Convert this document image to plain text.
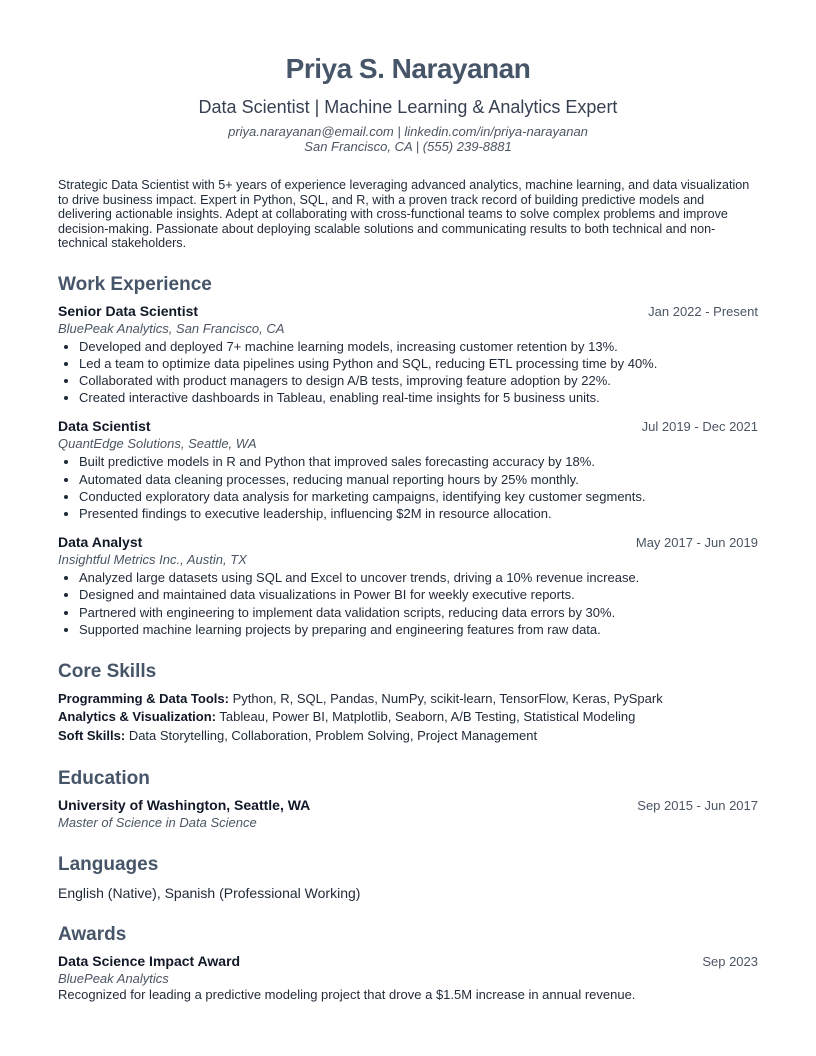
Priya S. Narayanan
Data Scientist | Machine Learning & Analytics Expert
priya.narayanan@email.com | linkedin.com/in/priya-narayanan
San Francisco, CA | (555) 239-8881
Strategic Data Scientist with 5+ years of experience leveraging advanced analytics, machine learning, and data visualization to drive business impact. Expert in Python, SQL, and R, with a proven track record of building predictive models and delivering actionable insights. Adept at collaborating with cross-functional teams to solve complex problems and improve decision-making. Passionate about deploying scalable solutions and communicating results to both technical and non-technical stakeholders.
Work Experience
Senior Data Scientist	Jan 2022 - Present
BluePeak Analytics, San Francisco, CA
• Developed and deployed 7+ machine learning models, increasing customer retention by 13%.
• Led a team to optimize data pipelines using Python and SQL, reducing ETL processing time by 40%.
• Collaborated with product managers to design A/B tests, improving feature adoption by 22%.
• Created interactive dashboards in Tableau, enabling real-time insights for 5 business units.
Data Scientist	Jul 2019 - Dec 2021
QuantEdge Solutions, Seattle, WA
• Built predictive models in R and Python that improved sales forecasting accuracy by 18%.
• Automated data cleaning processes, reducing manual reporting hours by 25% monthly.
• Conducted exploratory data analysis for marketing campaigns, identifying key customer segments.
• Presented findings to executive leadership, influencing $2M in resource allocation.
Data Analyst	May 2017 - Jun 2019
Insightful Metrics Inc., Austin, TX
• Analyzed large datasets using SQL and Excel to uncover trends, driving a 10% revenue increase.
• Designed and maintained data visualizations in Power BI for weekly executive reports.
• Partnered with engineering to implement data validation scripts, reducing data errors by 30%.
• Supported machine learning projects by preparing and engineering features from raw data.
Core Skills
Programming & Data Tools: Python, R, SQL, Pandas, NumPy, scikit-learn, TensorFlow, Keras, PySpark
Analytics & Visualization: Tableau, Power BI, Matplotlib, Seaborn, A/B Testing, Statistical Modeling
Soft Skills: Data Storytelling, Collaboration, Problem Solving, Project Management
Education
University of Washington, Seattle, WA	Sep 2015 - Jun 2017
Master of Science in Data Science
Languages
English (Native), Spanish (Professional Working)
Awards
Data Science Impact Award	Sep 2023
BluePeak Analytics
Recognized for leading a predictive modeling project that drove a $1.5M increase in annual revenue.
